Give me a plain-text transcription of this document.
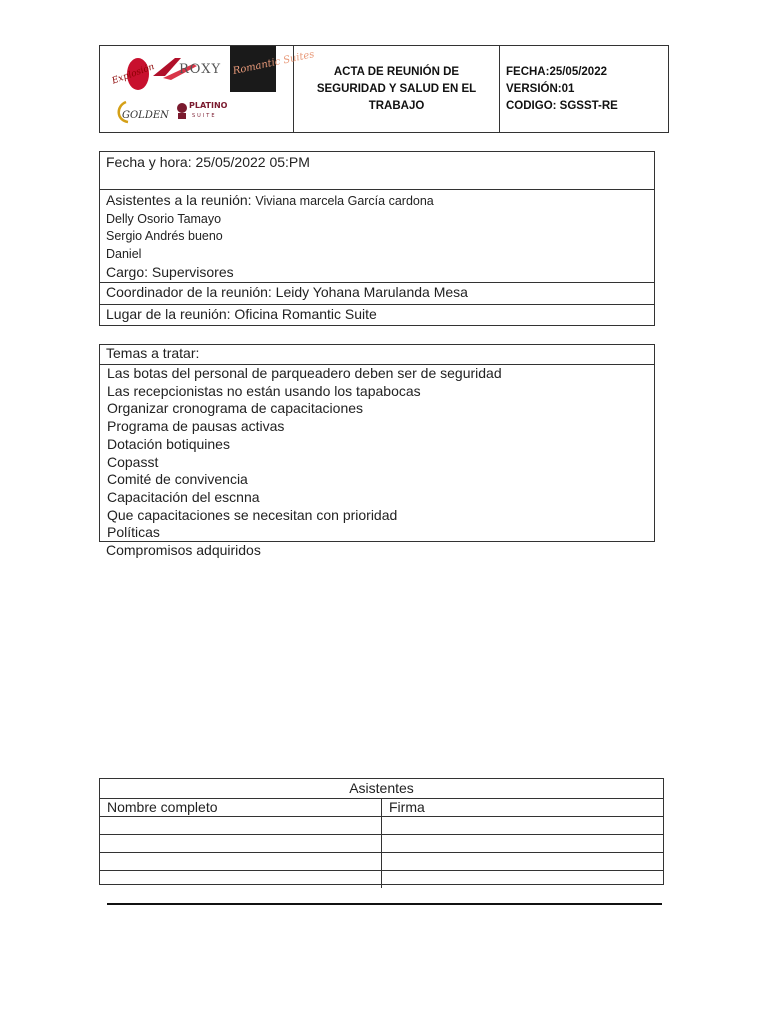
Explosión ROXY Romantic Suites
GOLDEN
PLATINO
SUITE
ACTA DE REUNIÓN DE SEGURIDAD Y SALUD EN EL TRABAJO
FECHA:25/05/2022
VERSIÓN:01
CODIGO: SGSST-RE
Fecha y hora: 25/05/2022 05:PM
Asistentes a la reunión: Viviana marcela García cardona
Delly Osorio Tamayo
Sergio Andrés bueno
Daniel
Cargo: Supervisores
Coordinador de la reunión: Leidy Yohana Marulanda Mesa
Lugar de la reunión: Oficina Romantic Suite
Temas a tratar:
Las botas del personal de parqueadero deben ser de seguridad
Las recepcionistas no están usando los tapabocas
Organizar cronograma de capacitaciones
Programa de pausas activas
Dotación botiquines
Copasst
Comité de convivencia
Capacitación del escnna
Que capacitaciones se necesitan con prioridad
Políticas
Compromisos adquiridos
Asistentes
Nombre completo	Firma
